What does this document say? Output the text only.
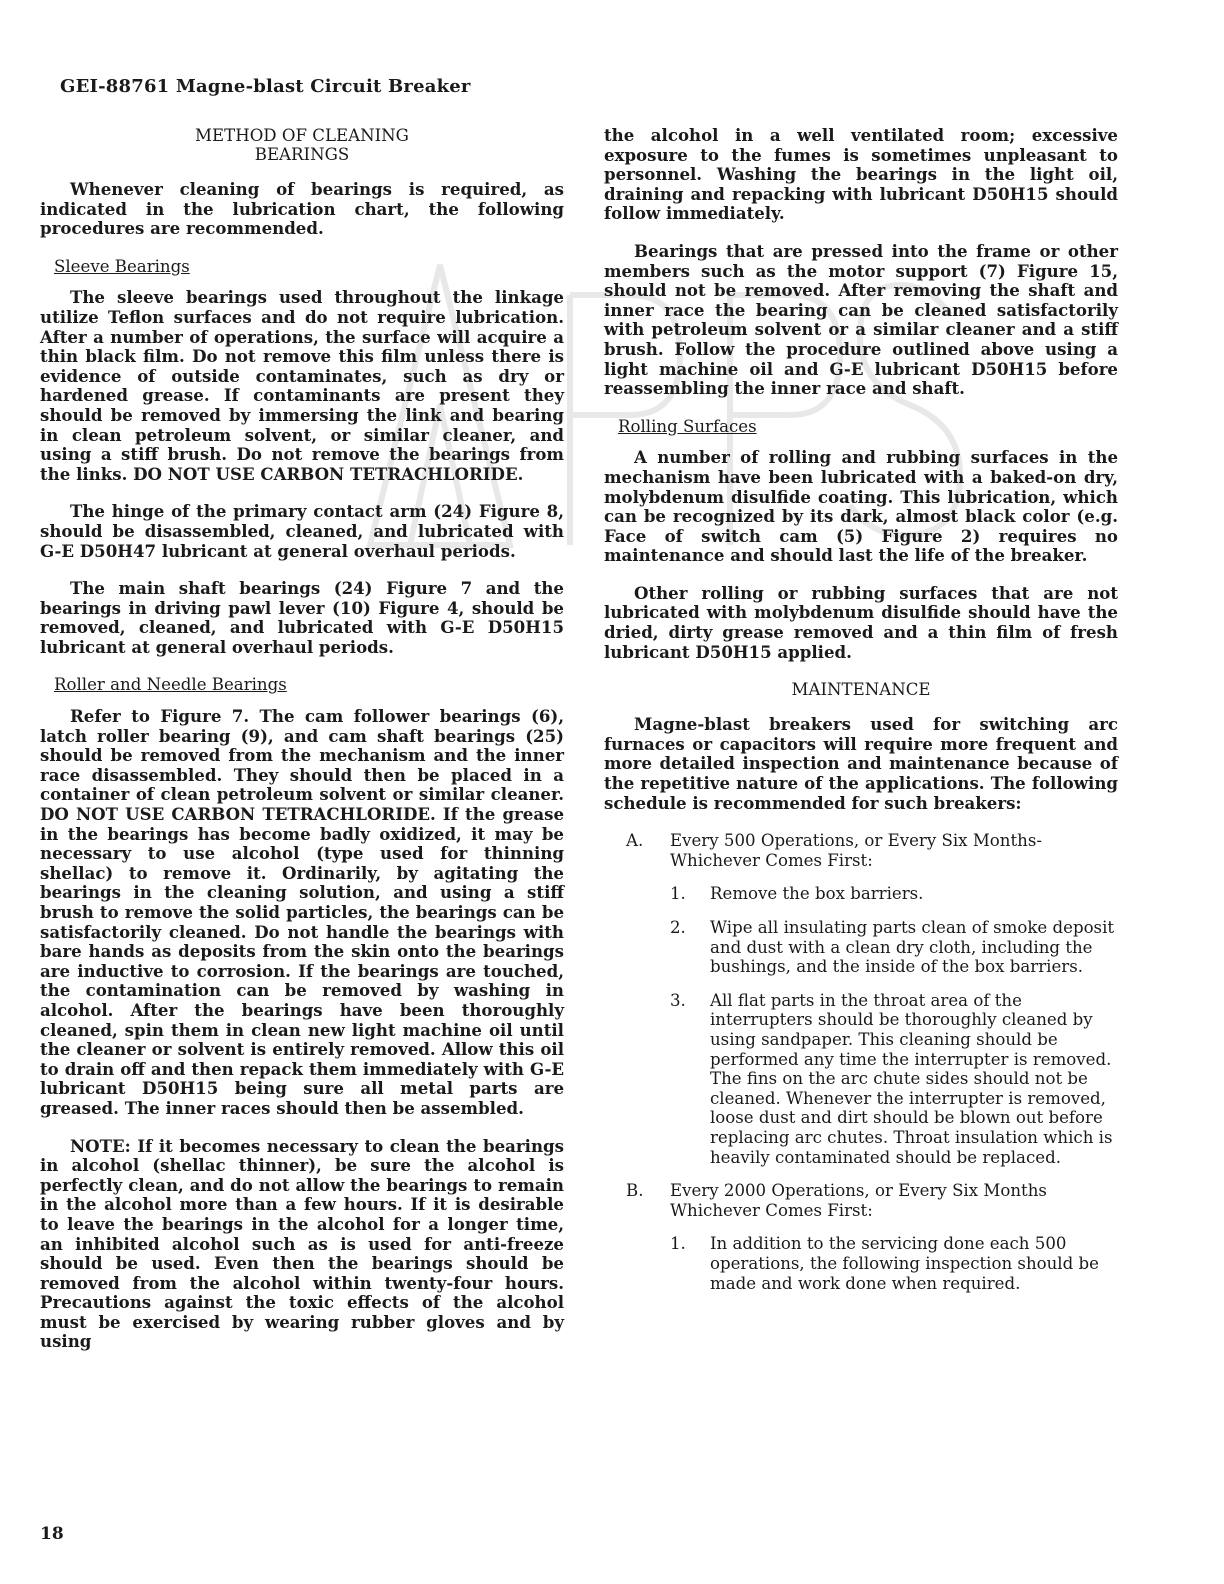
GEI-88761 Magne-blast Circuit Breaker
METHOD OF CLEANING
BEARINGS

Whenever cleaning of bearings is required, as indicated in the lubrication chart, the following procedures are recommended.

Sleeve Bearings

The sleeve bearings used throughout the linkage utilize Teflon surfaces and do not require lubrication. After a number of operations, the surface will acquire a thin black film. Do not remove this film unless there is evidence of outside contaminates, such as dry or hardened grease. If contaminants are present they should be removed by immersing the link and bearing in clean petroleum solvent, or similar cleaner, and using a stiff brush. Do not remove the bearings from the links. DO NOT USE CARBON TETRACHLORIDE.

The hinge of the primary contact arm (24) Figure 8, should be disassembled, cleaned, and lubricated with G-E D50H47 lubricant at general overhaul periods.

The main shaft bearings (24) Figure 7 and the bearings in driving pawl lever (10) Figure 4, should be removed, cleaned, and lubricated with G-E D50H15 lubricant at general overhaul periods.

Roller and Needle Bearings

Refer to Figure 7. The cam follower bearings (6), latch roller bearing (9), and cam shaft bearings (25) should be removed from the mechanism and the inner race disassembled. They should then be placed in a container of clean petroleum solvent or similar cleaner. DO NOT USE CARBON TETRACHLORIDE. If the grease in the bearings has become badly oxidized, it may be necessary to use alcohol (type used for thinning shellac) to remove it. Ordinarily, by agitating the bearings in the cleaning solution, and using a stiff brush to remove the solid particles, the bearings can be satisfactorily cleaned. Do not handle the bearings with bare hands as deposits from the skin onto the bearings are inductive to corrosion. If the bearings are touched, the contamination can be removed by washing in alcohol. After the bearings have been thoroughly cleaned, spin them in clean new light machine oil until the cleaner or solvent is entirely removed. Allow this oil to drain off and then repack them immediately with G-E lubricant D50H15 being sure all metal parts are greased. The inner races should then be assembled.

NOTE: If it becomes necessary to clean the bearings in alcohol (shellac thinner), be sure the alcohol is perfectly clean, and do not allow the bearings to remain in the alcohol more than a few hours. If it is desirable to leave the bearings in the alcohol for a longer time, an inhibited alcohol such as is used for anti-freeze should be used. Even then the bearings should be removed from the alcohol within twenty-four hours. Precautions against the toxic effects of the alcohol must be exercised by wearing rubber gloves and by using

the alcohol in a well ventilated room; excessive exposure to the fumes is sometimes unpleasant to personnel. Washing the bearings in the light oil, draining and repacking with lubricant D50H15 should follow immediately.

Bearings that are pressed into the frame or other members such as the motor support (7) Figure 15, should not be removed. After removing the shaft and inner race the bearing can be cleaned satisfactorily with petroleum solvent or a similar cleaner and a stiff brush. Follow the procedure outlined above using a light machine oil and G-E lubricant D50H15 before reassembling the inner race and shaft.

Rolling Surfaces

A number of rolling and rubbing surfaces in the mechanism have been lubricated with a baked-on dry, molybdenum disulfide coating. This lubrication, which can be recognized by its dark, almost black color (e.g. Face of switch cam (5) Figure 2) requires no maintenance and should last the life of the breaker.

Other rolling or rubbing surfaces that are not lubricated with molybdenum disulfide should have the dried, dirty grease removed and a thin film of fresh lubricant D50H15 applied.

MAINTENANCE

Magne-blast breakers used for switching arc furnaces or capacitors will require more frequent and more detailed inspection and maintenance because of the repetitive nature of the applications. The following schedule is recommended for such breakers:

A.	Every 500 Operations, or Every Six Months-Whichever Comes First:
1.	Remove the box barriers.
2.	Wipe all insulating parts clean of smoke deposit and dust with a clean dry cloth, including the bushings, and the inside of the box barriers.
3.	All flat parts in the throat area of the interrupters should be thoroughly cleaned by using sandpaper. This cleaning should be performed any time the interrupter is removed. The fins on the arc chute sides should not be cleaned. Whenever the interrupter is removed, loose dust and dirt should be blown out before replacing arc chutes. Throat insulation which is heavily contaminated should be replaced.
B.	Every 2000 Operations, or Every Six Months Whichever Comes First:
1.	In addition to the servicing done each 500 operations, the following inspection should be made and work done when required.
18
